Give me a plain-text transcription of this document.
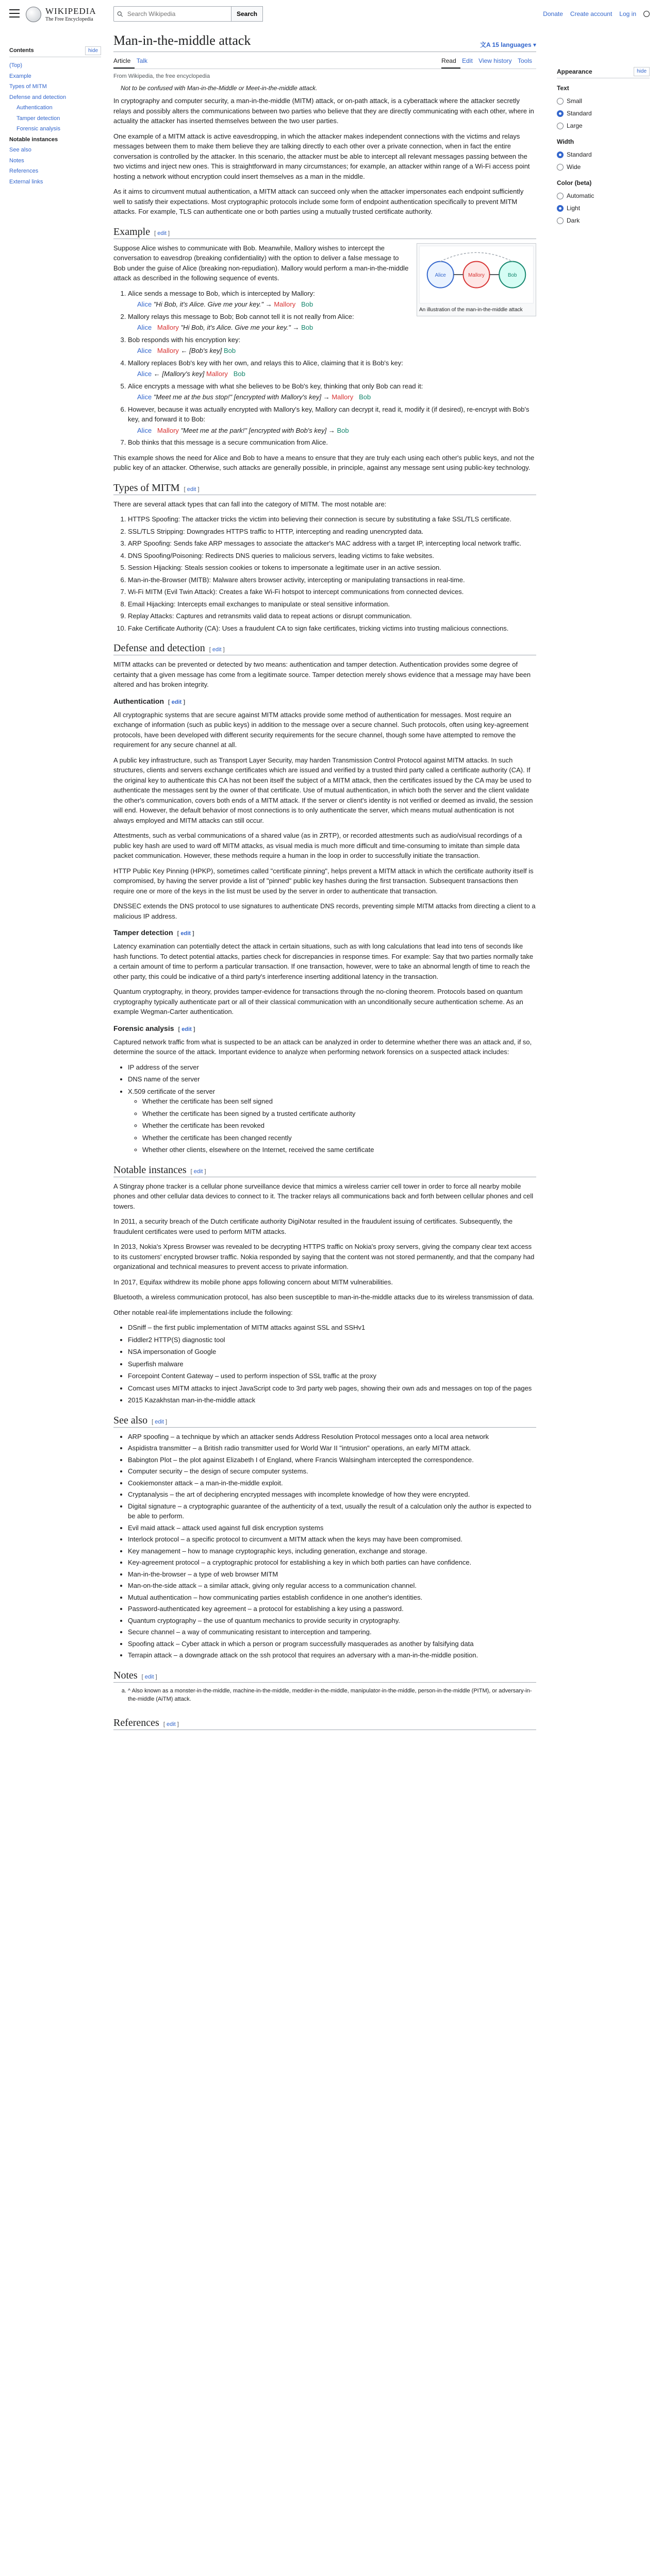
WIKIPEDIA
The Free Encyclopedia
Search Wikipedia
Search	Donate Create account Log in
Contents	hide
(Top)
Example
Types of MITM
Defense and detection
Authentication
Tamper detection
Forensic analysis
Notable instances
See also
Notes
References
External links
Man-in-the-middle attack	文A 15 languages ▾
Article Talk	Read Edit View history Tools
From Wikipedia, the free encyclopedia
Not to be confused with Man-in-the-Middle or Meet-in-the-middle attack.

In cryptography and computer security, a man-in-the-middle (MITM) attack, or on-path attack, is a cyberattack where the attacker secretly relays and possibly alters the communications between two parties who believe that they are directly communicating with each other, where in actuality the attacker has inserted themselves between the two user parties.

One example of a MITM attack is active eavesdropping, in which the attacker makes independent connections with the victims and relays messages between them to make them believe they are talking directly to each other over a private connection, when in fact the entire conversation is controlled by the attacker. In this scenario, the attacker must be able to intercept all relevant messages passing between the two victims and inject new ones. This is straightforward in many circumstances; for example, an attacker within range of a Wi-Fi access point hosting a network without encryption could insert themselves as a man in the middle.

As it aims to circumvent mutual authentication, a MITM attack can succeed only when the attacker impersonates each endpoint sufficiently well to satisfy their expectations. Most cryptographic protocols include some form of endpoint authentication specifically to prevent MITM attacks. For example, TLS can authenticate one or both parties using a mutually trusted certificate authority.

Example [ edit ]
Alice	Mallory	Bob
An illustration of the man-in-the-middle attack

Suppose Alice wishes to communicate with Bob. Meanwhile, Mallory wishes to intercept the conversation to eavesdrop (breaking confidentiality) with the option to deliver a false message to Bob under the guise of Alice (breaking non-repudiation). Mallory would perform a man-in-the-middle attack as described in the following sequence of events.

1. Alice sends a message to Bob, which is intercepted by Mallory:
Alice "Hi Bob, it's Alice. Give me your key." → Mallory Bob
2. Mallory relays this message to Bob; Bob cannot tell it is not really from Alice:
Alice Mallory "Hi Bob, it's Alice. Give me your key." → Bob
3. Bob responds with his encryption key:
Alice Mallory ← [Bob's key] Bob
4. Mallory replaces Bob's key with her own, and relays this to Alice, claiming that it is Bob's key:
Alice ← [Mallory's key] Mallory Bob
5. Alice encrypts a message with what she believes to be Bob's key, thinking that only Bob can read it:
Alice "Meet me at the bus stop!" [encrypted with Mallory's key] → Mallory Bob
6. However, because it was actually encrypted with Mallory's key, Mallory can decrypt it, read it, modify it (if desired), re-encrypt with Bob's key, and forward it to Bob:
Alice Mallory "Meet me at the park!" [encrypted with Bob's key] → Bob
7. Bob thinks that this message is a secure communication from Alice.

This example shows the need for Alice and Bob to have a means to ensure that they are truly each using each other's public keys, and not the public key of an attacker. Otherwise, such attacks are generally possible, in principle, against any message sent using public-key technology.

Types of MITM [ edit ]

There are several attack types that can fall into the category of MITM. The most notable are:

1. HTTPS Spoofing: The attacker tricks the victim into believing their connection is secure by substituting a fake SSL/TLS certificate.
2. SSL/TLS Stripping: Downgrades HTTPS traffic to HTTP, intercepting and reading unencrypted data.
3. ARP Spoofing: Sends fake ARP messages to associate the attacker's MAC address with a target IP, intercepting local network traffic.
4. DNS Spoofing/Poisoning: Redirects DNS queries to malicious servers, leading victims to fake websites.
5. Session Hijacking: Steals session cookies or tokens to impersonate a legitimate user in an active session.
6. Man-in-the-Browser (MITB): Malware alters browser activity, intercepting or manipulating transactions in real-time.
7. Wi-Fi MITM (Evil Twin Attack): Creates a fake Wi-Fi hotspot to intercept communications from connected devices.
8. Email Hijacking: Intercepts email exchanges to manipulate or steal sensitive information.
9. Replay Attacks: Captures and retransmits valid data to repeat actions or disrupt communication.
10. Fake Certificate Authority (CA): Uses a fraudulent CA to sign fake certificates, tricking victims into trusting malicious connections.
Defense and detection [ edit ]

MITM attacks can be prevented or detected by two means: authentication and tamper detection. Authentication provides some degree of certainty that a given message has come from a legitimate source. Tamper detection merely shows evidence that a message may have been altered and has broken integrity.

Authentication [ edit ]

All cryptographic systems that are secure against MITM attacks provide some method of authentication for messages. Most require an exchange of information (such as public keys) in addition to the message over a secure channel. Such protocols, often using key-agreement protocols, have been developed with different security requirements for the secure channel, though some have attempted to remove the requirement for any secure channel at all.

A public key infrastructure, such as Transport Layer Security, may harden Transmission Control Protocol against MITM attacks. In such structures, clients and servers exchange certificates which are issued and verified by a trusted third party called a certificate authority (CA). If the original key to authenticate this CA has not been itself the subject of a MITM attack, then the certificates issued by the CA may be used to authenticate the messages sent by the owner of that certificate. Use of mutual authentication, in which both the server and the client validate the other's communication, covers both ends of a MITM attack. If the server or client's identity is not verified or deemed as invalid, the session will end. However, the default behavior of most connections is to only authenticate the server, which means mutual authentication is not always employed and MITM attacks can still occur.

Attestments, such as verbal communications of a shared value (as in ZRTP), or recorded attestments such as audio/visual recordings of a public key hash are used to ward off MITM attacks, as visual media is much more difficult and time-consuming to imitate than simple data packet communication. However, these methods require a human in the loop in order to successfully initiate the transaction.

HTTP Public Key Pinning (HPKP), sometimes called "certificate pinning", helps prevent a MITM attack in which the certificate authority itself is compromised, by having the server provide a list of "pinned" public key hashes during the first transaction. Subsequent transactions then require one or more of the keys in the list must be used by the server in order to authenticate that transaction.

DNSSEC extends the DNS protocol to use signatures to authenticate DNS records, preventing simple MITM attacks from directing a client to a malicious IP address.

Tamper detection [ edit ]

Latency examination can potentially detect the attack in certain situations, such as with long calculations that lead into tens of seconds like hash functions. To detect potential attacks, parties check for discrepancies in response times. For example: Say that two parties normally take a certain amount of time to perform a particular transaction. If one transaction, however, were to take an abnormal length of time to reach the other party, this could be indicative of a third party's interference inserting additional latency in the transaction.

Quantum cryptography, in theory, provides tamper-evidence for transactions through the no-cloning theorem. Protocols based on quantum cryptography typically authenticate part or all of their classical communication with an unconditionally secure authentication scheme. As an example Wegman-Carter authentication.

Forensic analysis [ edit ]

Captured network traffic from what is suspected to be an attack can be analyzed in order to determine whether there was an attack and, if so, determine the source of the attack. Important evidence to analyze when performing network forensics on a suspected attack includes:

• IP address of the server
• DNS name of the server
• X.509 certificate of the server
◦ Whether the certificate has been self signed
◦ Whether the certificate has been signed by a trusted certificate authority
◦ Whether the certificate has been revoked
◦ Whether the certificate has been changed recently
◦ Whether other clients, elsewhere on the Internet, received the same certificate
Notable instances [ edit ]

A Stingray phone tracker is a cellular phone surveillance device that mimics a wireless carrier cell tower in order to force all nearby mobile phones and other cellular data devices to connect to it. The tracker relays all communications back and forth between cellular phones and cell towers.

In 2011, a security breach of the Dutch certificate authority DigiNotar resulted in the fraudulent issuing of certificates. Subsequently, the fraudulent certificates were used to perform MITM attacks.

In 2013, Nokia's Xpress Browser was revealed to be decrypting HTTPS traffic on Nokia's proxy servers, giving the company clear text access to its customers' encrypted browser traffic. Nokia responded by saying that the content was not stored permanently, and that the company had organizational and technical measures to prevent access to private information.

In 2017, Equifax withdrew its mobile phone apps following concern about MITM vulnerabilities.

Bluetooth, a wireless communication protocol, has also been susceptible to man-in-the-middle attacks due to its wireless transmission of data.

Other notable real-life implementations include the following:

• DSniff – the first public implementation of MITM attacks against SSL and SSHv1
• Fiddler2 HTTP(S) diagnostic tool
• NSA impersonation of Google
• Superfish malware
• Forcepoint Content Gateway – used to perform inspection of SSL traffic at the proxy
• Comcast uses MITM attacks to inject JavaScript code to 3rd party web pages, showing their own ads and messages on top of the pages
• 2015 Kazakhstan man-in-the-middle attack
See also [ edit ]
• ARP spoofing – a technique by which an attacker sends Address Resolution Protocol messages onto a local area network
• Aspidistra transmitter – a British radio transmitter used for World War II "intrusion" operations, an early MITM attack.
• Babington Plot – the plot against Elizabeth I of England, where Francis Walsingham intercepted the correspondence.
• Computer security – the design of secure computer systems.
• Cookiemonster attack – a man-in-the-middle exploit.
• Cryptanalysis – the art of deciphering encrypted messages with incomplete knowledge of how they were encrypted.
• Digital signature – a cryptographic guarantee of the authenticity of a text, usually the result of a calculation only the author is expected to be able to perform.
• Evil maid attack – attack used against full disk encryption systems
• Interlock protocol – a specific protocol to circumvent a MITM attack when the keys may have been compromised.
• Key management – how to manage cryptographic keys, including generation, exchange and storage.
• Key-agreement protocol – a cryptographic protocol for establishing a key in which both parties can have confidence.
• Man-in-the-browser – a type of web browser MITM
• Man-on-the-side attack – a similar attack, giving only regular access to a communication channel.
• Mutual authentication – how communicating parties establish confidence in one another's identities.
• Password-authenticated key agreement – a protocol for establishing a key using a password.
• Quantum cryptography – the use of quantum mechanics to provide security in cryptography.
• Secure channel – a way of communicating resistant to interception and tampering.
• Spoofing attack – Cyber attack in which a person or program successfully masquerades as another by falsifying data
• Terrapin attack – a downgrade attack on the ssh protocol that requires an adversary with a man-in-the-middle position.
Notes [ edit ]
a. ^ Also known as a monster-in-the-middle, machine-in-the-middle, meddler-in-the-middle, manipulator-in-the-middle, person-in-the-middle (PITM), or adversary-in-the-middle (AiTM) attack.
References [ edit ]
Appearance	hide
Text
Small
Standard
Large
Width
Standard
Wide
Color (beta)
Automatic
Light
Dark
